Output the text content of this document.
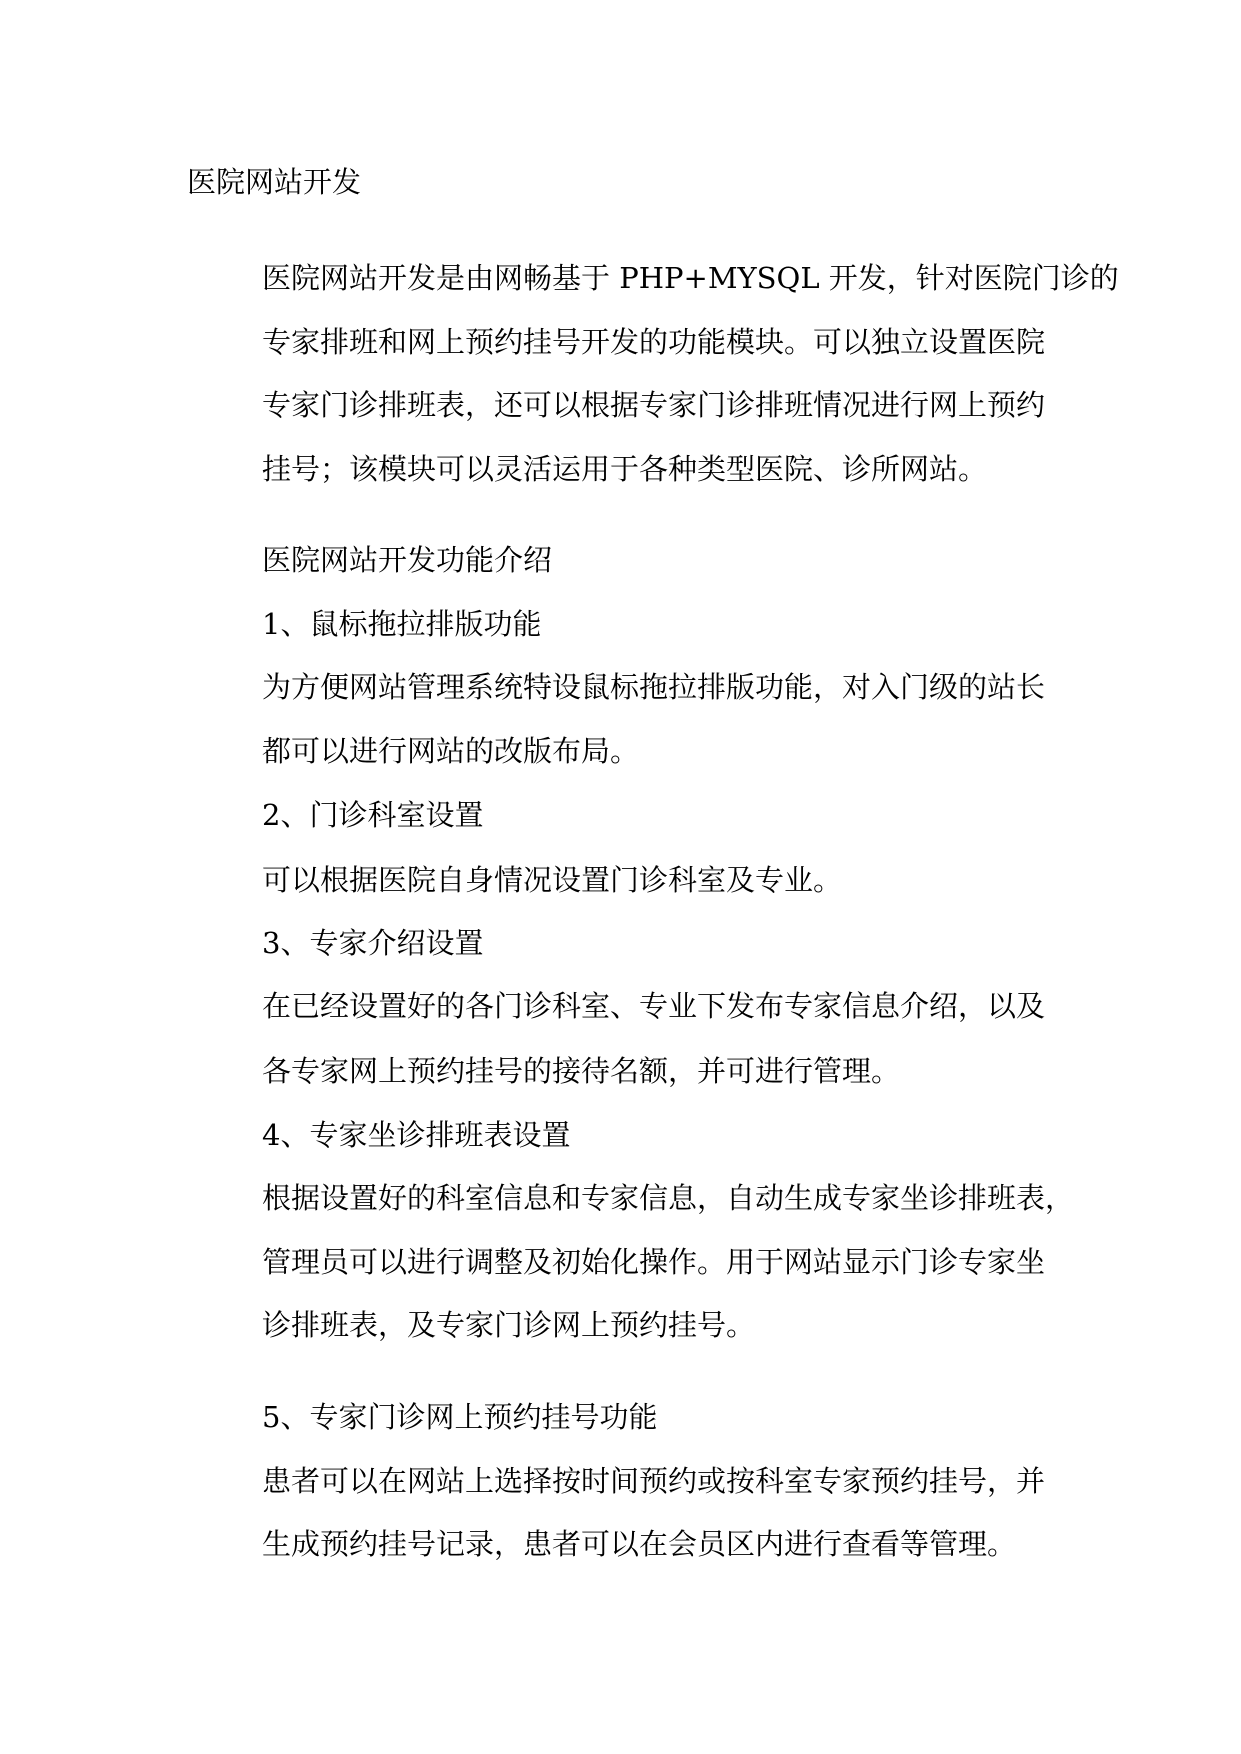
医院网站开发
医院网站开发是由网畅基于 PHP+MYSQL 开发，针对医院门诊的
专家排班和网上预约挂号开发的功能模块。可以独立设置医院
专家门诊排班表，还可以根据专家门诊排班情况进行网上预约
挂号；该模块可以灵活运用于各种类型医院、诊所网站。
医院网站开发功能介绍
1、鼠标拖拉排版功能
为方便网站管理系统特设鼠标拖拉排版功能，对入门级的站长
都可以进行网站的改版布局。
2、门诊科室设置
可以根据医院自身情况设置门诊科室及专业。
3、专家介绍设置
在已经设置好的各门诊科室、专业下发布专家信息介绍，以及
各专家网上预约挂号的接待名额，并可进行管理。
4、专家坐诊排班表设置
根据设置好的科室信息和专家信息，自动生成专家坐诊排班表，
管理员可以进行调整及初始化操作。用于网站显示门诊专家坐
诊排班表，及专家门诊网上预约挂号。
5、专家门诊网上预约挂号功能
患者可以在网站上选择按时间预约或按科室专家预约挂号，并
生成预约挂号记录，患者可以在会员区内进行查看等管理。
